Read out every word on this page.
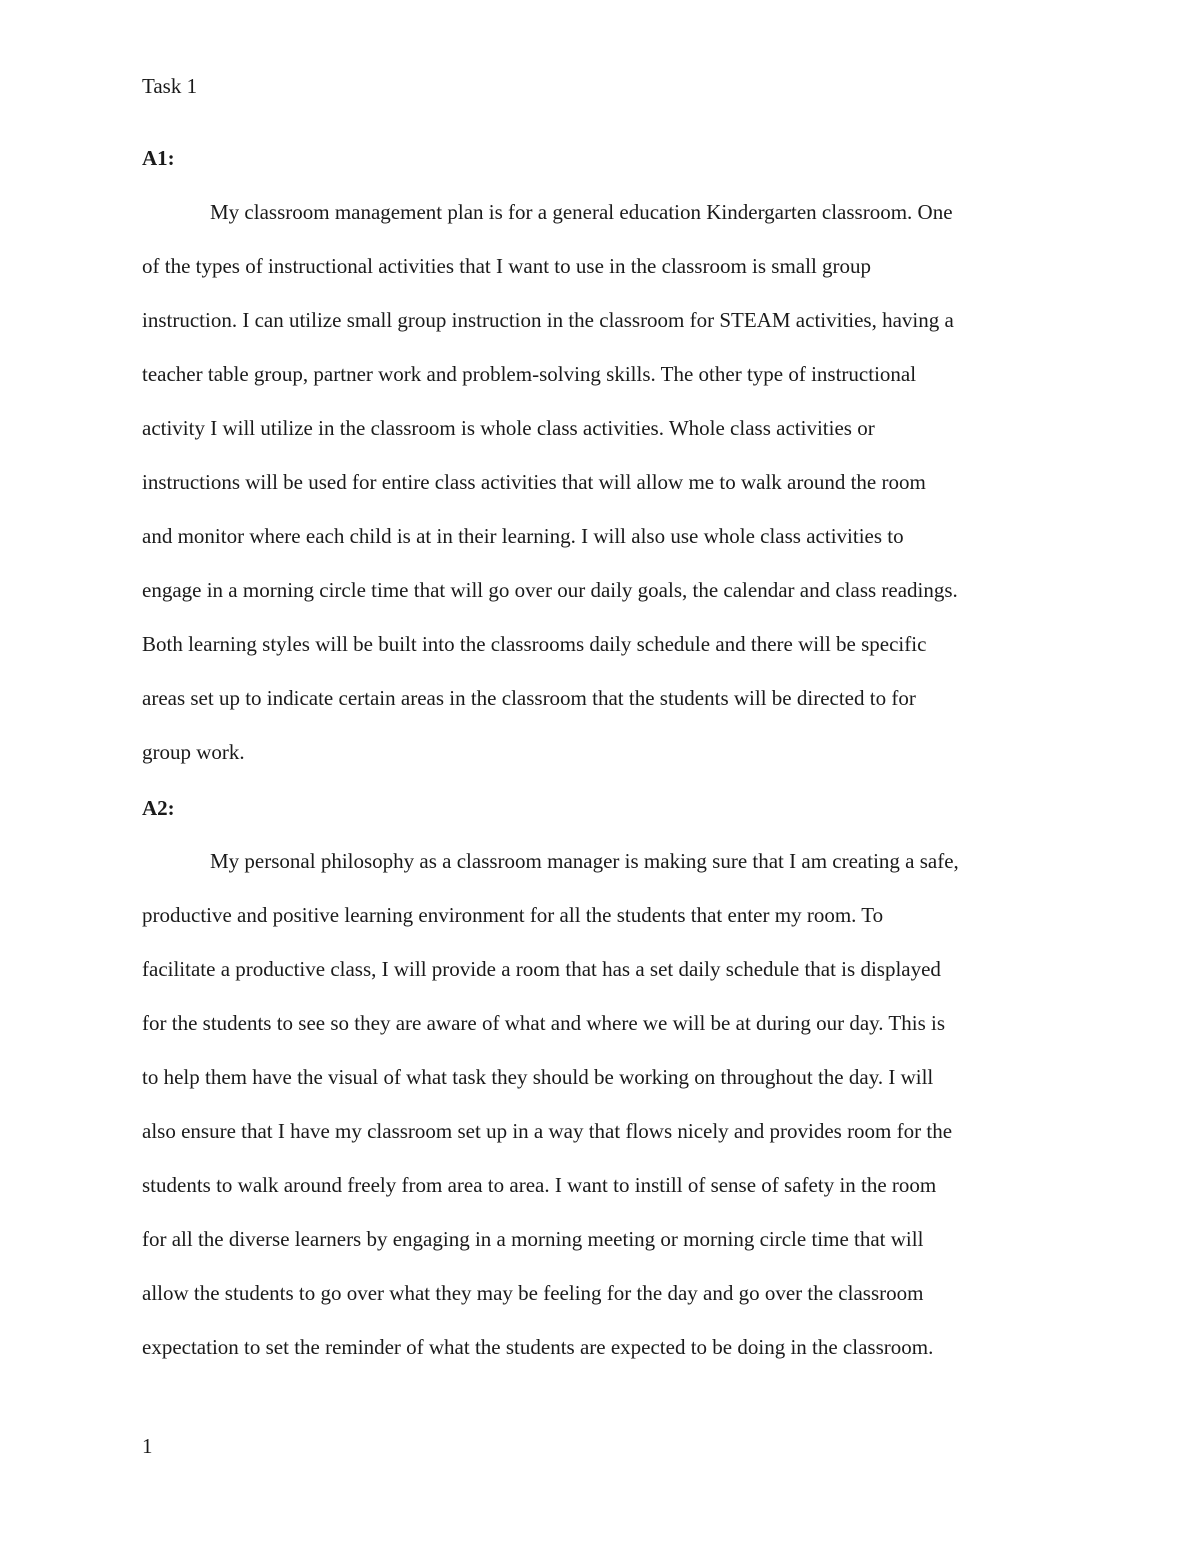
Task 1

A1:

My classroom management plan is for a general education Kindergarten classroom. One

of the types of instructional activities that I want to use in the classroom is small group

instruction. I can utilize small group instruction in the classroom for STEAM activities, having a

teacher table group, partner work and problem-solving skills. The other type of instructional

activity I will utilize in the classroom is whole class activities. Whole class activities or

instructions will be used for entire class activities that will allow me to walk around the room

and monitor where each child is at in their learning. I will also use whole class activities to

engage in a morning circle time that will go over our daily goals, the calendar and class readings.

Both learning styles will be built into the classrooms daily schedule and there will be specific

areas set up to indicate certain areas in the classroom that the students will be directed to for

group work.

A2:

My personal philosophy as a classroom manager is making sure that I am creating a safe,

productive and positive learning environment for all the students that enter my room. To

facilitate a productive class, I will provide a room that has a set daily schedule that is displayed

for the students to see so they are aware of what and where we will be at during our day. This is

to help them have the visual of what task they should be working on throughout the day. I will

also ensure that I have my classroom set up in a way that flows nicely and provides room for the

students to walk around freely from area to area. I want to instill of sense of safety in the room

for all the diverse learners by engaging in a morning meeting or morning circle time that will

allow the students to go over what they may be feeling for the day and go over the classroom

expectation to set the reminder of what the students are expected to be doing in the classroom.

1
